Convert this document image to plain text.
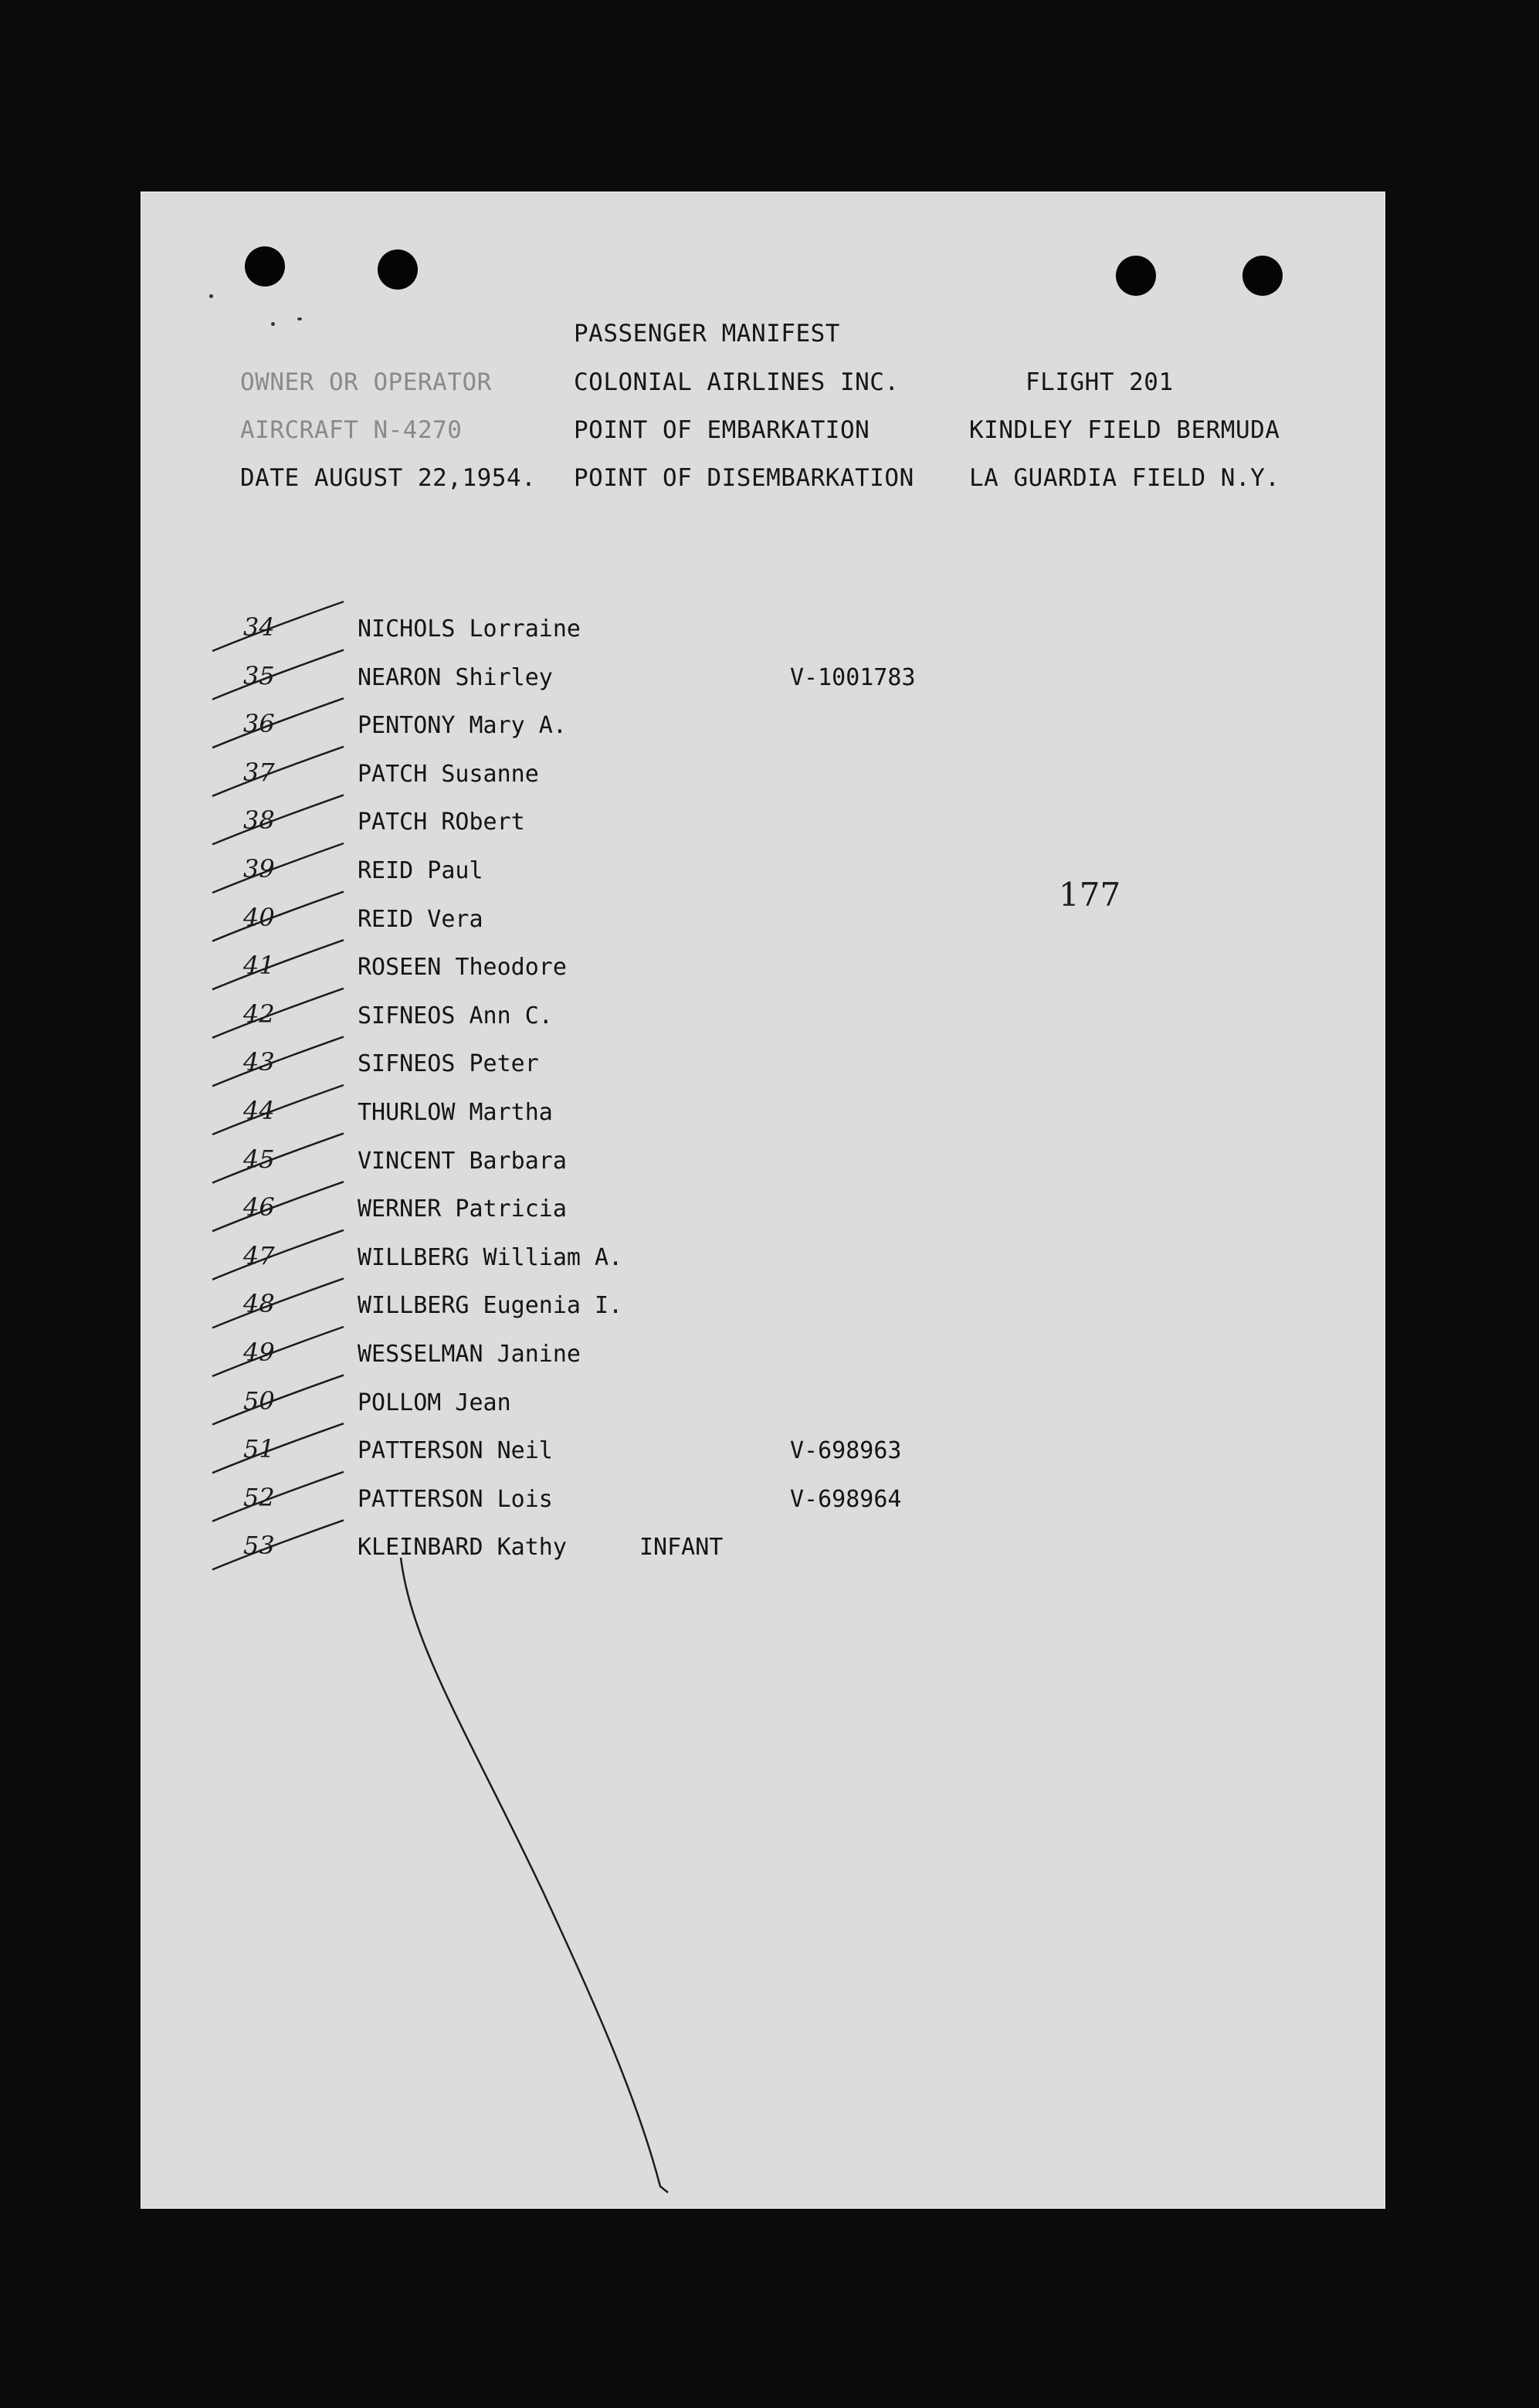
PASSENGER MANIFEST
OWNER OR OPERATOR	COLONIAL AIRLINES INC.	FLIGHT 201
AIRCRAFT N-4270	POINT OF EMBARKATION	KINDLEY FIELD BERMUDA
DATE AUGUST 22,1954. POINT OF DISEMBARKATION LA GUARDIA FIELD N.Y.
177
34	NICHOLS Lorraine
35	NEARON Shirley	V-1001783
36	PENTONY Mary A.
37	PATCH Susanne
38	PATCH RObert
39	REID Paul
40	REID Vera
41	ROSEEN Theodore
42	SIFNEOS Ann C.
43	SIFNEOS Peter
44	THURLOW Martha
45	VINCENT Barbara
46	WERNER Patricia
47	WILLBERG William A.
48	WILLBERG Eugenia I.
49	WESSELMAN Janine
50	POLLOM Jean
51	PATTERSON Neil	V-698963
52	PATTERSON Lois	V-698964
53	KLEINBARD Kathy	INFANT
